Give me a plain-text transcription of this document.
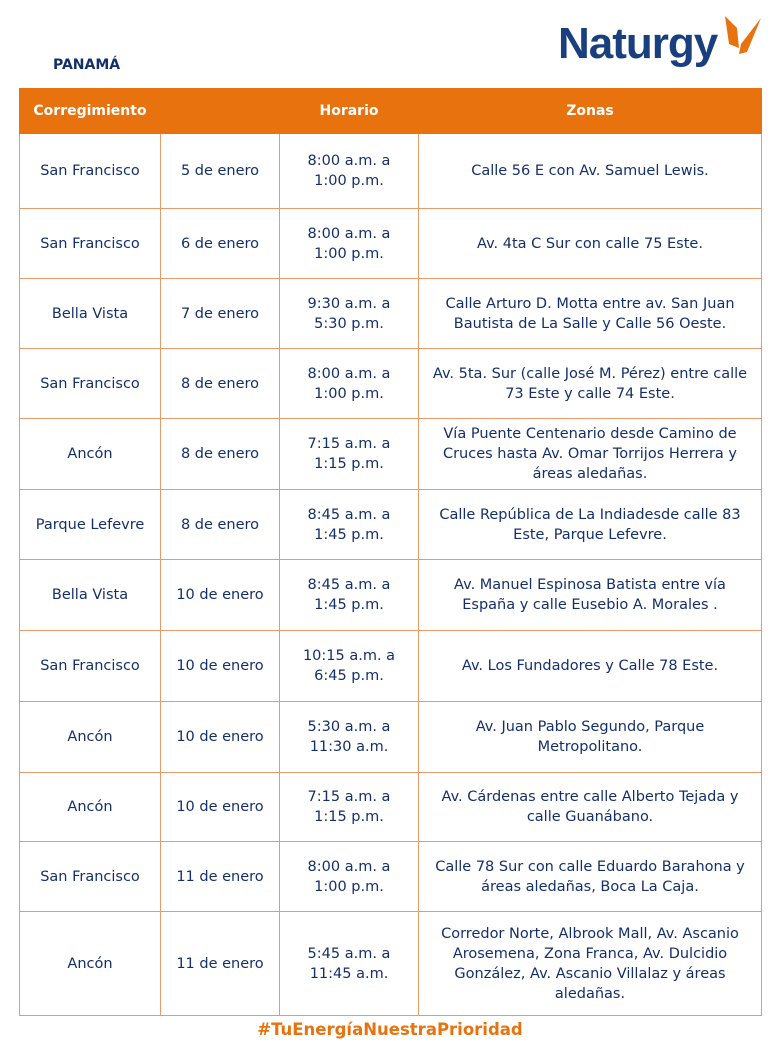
PANAMÁ	Naturgy
Corregimiento		Horario	Zonas
San Francisco	5 de enero	8:00 a.m. a 1:00 p.m.	Calle 56 E con Av. Samuel Lewis.
San Francisco	6 de enero	8:00 a.m. a 1:00 p.m.	Av. 4ta C Sur con calle 75 Este.
Bella Vista	7 de enero	9:30 a.m. a 5:30 p.m.	Calle Arturo D. Motta entre av. San Juan Bautista de La Salle y Calle 56 Oeste.
San Francisco	8 de enero	8:00 a.m. a 1:00 p.m.	Av. 5ta. Sur (calle José M. Pérez) entre calle 73 Este y calle 74 Este.
Ancón	8 de enero	7:15 a.m. a 1:15 p.m.	Vía Puente Centenario desde Camino de Cruces hasta Av. Omar Torrijos Herrera y áreas aledañas.
Parque Lefevre	8 de enero	8:45 a.m. a 1:45 p.m.	Calle República de La Indiadesde calle 83 Este, Parque Lefevre.
Bella Vista	10 de enero	8:45 a.m. a 1:45 p.m.	Av. Manuel Espinosa Batista entre vía España y calle Eusebio A. Morales .
San Francisco	10 de enero	10:15 a.m. a 6:45 p.m.	Av. Los Fundadores y Calle 78 Este.
Ancón	10 de enero	5:30 a.m. a 11:30 a.m.	Av. Juan Pablo Segundo, Parque Metropolitano.
Ancón	10 de enero	7:15 a.m. a 1:15 p.m.	Av. Cárdenas entre calle Alberto Tejada y calle Guanábano.
San Francisco	11 de enero	8:00 a.m. a 1:00 p.m.	Calle 78 Sur con calle Eduardo Barahona y áreas aledañas, Boca La Caja.
Ancón	11 de enero	5:45 a.m. a 11:45 a.m.	Corredor Norte, Albrook Mall, Av. Ascanio Arosemena, Zona Franca, Av. Dulcidio González, Av. Ascanio Villalaz y áreas aledañas.
#TuEnergíaNuestraPrioridad
